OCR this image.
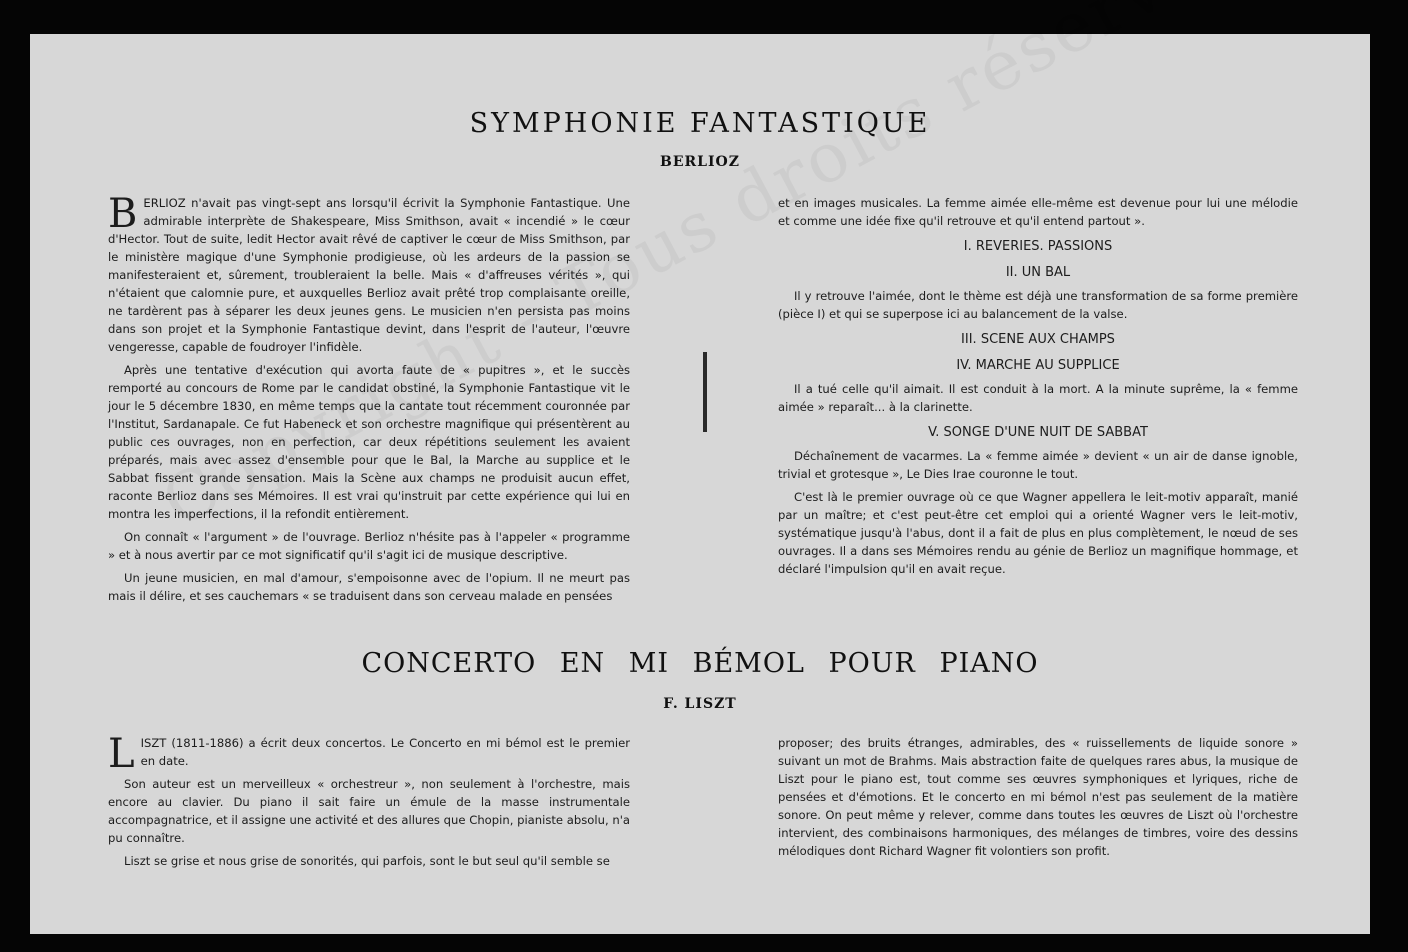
SYMPHONIE FANTASTIQUE
BERLIOZ

BERLIOZ n'avait pas vingt-sept ans lorsqu'il écrivit la Symphonie Fantastique. Une admirable interprète de Shakespeare, Miss Smithson, avait « incendié » le cœur d'Hector. Tout de suite, ledit Hector avait rêvé de captiver le cœur de Miss Smithson, par le ministère magique d'une Symphonie prodigieuse, où les ardeurs de la passion se manifesteraient et, sûrement, troubleraient la belle. Mais « d'affreuses vérités », qui n'étaient que calomnie pure, et auxquelles Berlioz avait prêté trop complaisante oreille, ne tardèrent pas à séparer les deux jeunes gens. Le musicien n'en persista pas moins dans son projet et la Symphonie Fantastique devint, dans l'esprit de l'auteur, l'œuvre vengeresse, capable de foudroyer l'infidèle.

Après une tentative d'exécution qui avorta faute de « pupitres », et le succès remporté au concours de Rome par le candidat obstiné, la Symphonie Fantastique vit le jour le 5 décembre 1830, en même temps que la cantate tout récemment couronnée par l'Institut, Sardanapale. Ce fut Habeneck et son orchestre magnifique qui présentèrent au public ces ouvrages, non en perfection, car deux répétitions seulement les avaient préparés, mais avec assez d'ensemble pour que le Bal, la Marche au supplice et le Sabbat fissent grande sensation. Mais la Scène aux champs ne produisit aucun effet, raconte Berlioz dans ses Mémoires. Il est vrai qu'instruit par cette expérience qui lui en montra les imperfections, il la refondit entièrement.

On connaît « l'argument » de l'ouvrage. Berlioz n'hésite pas à l'appeler « programme » et à nous avertir par ce mot significatif qu'il s'agit ici de musique descriptive.

Un jeune musicien, en mal d'amour, s'empoisonne avec de l'opium. Il ne meurt pas mais il délire, et ses cauchemars « se traduisent dans son cerveau malade en pensées

et en images musicales. La femme aimée elle-même est devenue pour lui une mélodie et comme une idée fixe qu'il retrouve et qu'il entend partout ».

I. REVERIES. PASSIONS
II. UN BAL

Il y retrouve l'aimée, dont le thème est déjà une transformation de sa forme première (pièce I) et qui se superpose ici au balancement de la valse.

III. SCENE AUX CHAMPS
IV. MARCHE AU SUPPLICE

Il a tué celle qu'il aimait. Il est conduit à la mort. A la minute suprême, la « femme aimée » reparaît... à la clarinette.

V. SONGE D'UNE NUIT DE SABBAT

Déchaînement de vacarmes. La « femme aimée » devient « un air de danse ignoble, trivial et grotesque », Le Dies Irae couronne le tout.

C'est là le premier ouvrage où ce que Wagner appellera le leit-motiv apparaît, manié par un maître; et c'est peut-être cet emploi qui a orienté Wagner vers le leit-motiv, systématique jusqu'à l'abus, dont il a fait de plus en plus complètement, le nœud de ses ouvrages. Il a dans ses Mémoires rendu au génie de Berlioz un magnifique hommage, et déclaré l'impulsion qu'il en avait reçue.

CONCERTO EN MI BÉMOL POUR PIANO
F. LISZT

LISZT (1811-1886) a écrit deux concertos. Le Concerto en mi bémol est le premier en date.

Son auteur est un merveilleux « orchestreur », non seulement à l'orchestre, mais encore au clavier. Du piano il sait faire un émule de la masse instrumentale accompagnatrice, et il assigne une activité et des allures que Chopin, pianiste absolu, n'a pu connaître.

Liszt se grise et nous grise de sonorités, qui parfois, sont le but seul qu'il semble se

proposer; des bruits étranges, admirables, des « ruissellements de liquide sonore » suivant un mot de Brahms. Mais abstraction faite de quelques rares abus, la musique de Liszt pour le piano est, tout comme ses œuvres symphoniques et lyriques, riche de pensées et d'émotions. Et le concerto en mi bémol n'est pas seulement de la matière sonore. On peut même y relever, comme dans toutes les œuvres de Liszt où l'orchestre intervient, des combinaisons harmoniques, des mélanges de timbres, voire des dessins mélodiques dont Richard Wagner fit volontiers son profit.
